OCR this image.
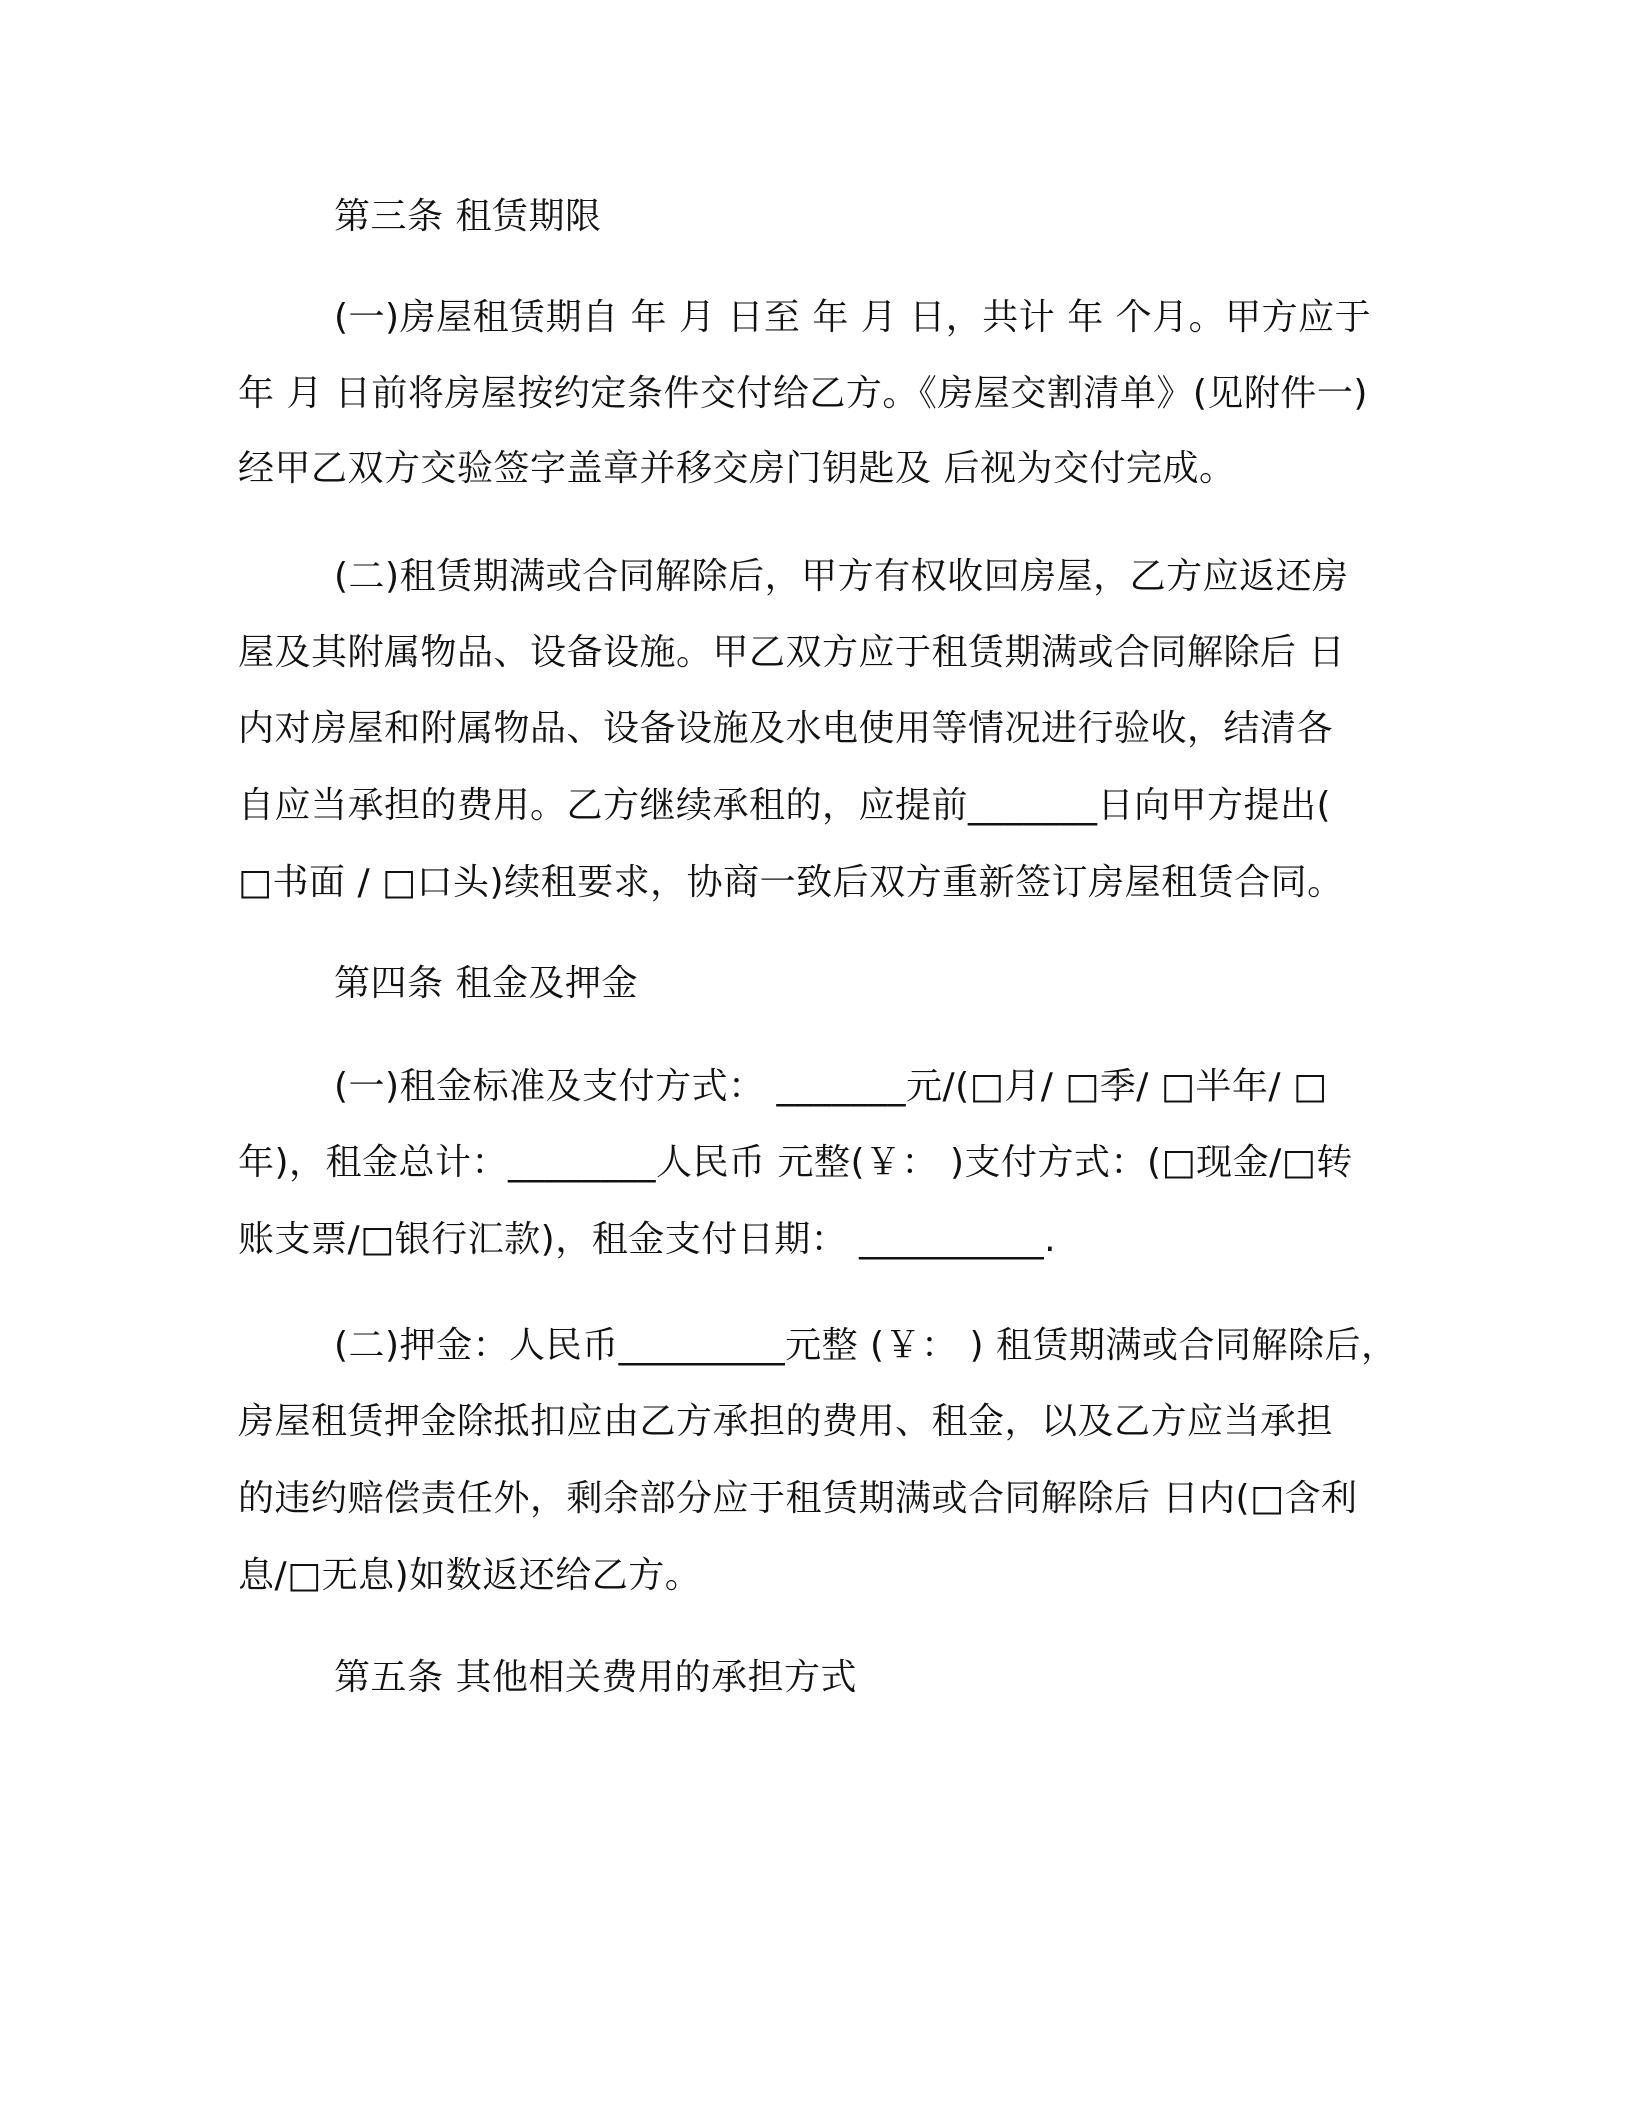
第三条 租赁期限
(一)房屋租赁期自 年 月 日至 年 月 日，共计 年 个月。甲方应于
年 月 日前将房屋按约定条件交付给乙方。《房屋交割清单》(见附件一)
经甲乙双方交验签字盖章并移交房门钥匙及 后视为交付完成。
(二)租赁期满或合同解除后，甲方有权收回房屋，乙方应返还房
屋及其附属物品、设备设施。甲乙双方应于租赁期满或合同解除后 日
内对房屋和附属物品、设备设施及水电使用等情况进行验收，结清各
自应当承担的费用。乙方继续承租的，应提前_______日向甲方提出(
□书面 / □口头)续租要求，协商一致后双方重新签订房屋租赁合同。
第四条 租金及押金
(一)租金标准及支付方式： _______元/(□月/ □季/ □半年/ □
年)，租金总计：________人民币 元整(￥： )支付方式：(□现金/□转
账支票/□银行汇款)，租金支付日期： __________.
(二)押金：人民币_________元整 (￥： ) 租赁期满或合同解除后，
房屋租赁押金除抵扣应由乙方承担的费用、租金，以及乙方应当承担
的违约赔偿责任外，剩余部分应于租赁期满或合同解除后 日内(□含利
息/□无息)如数返还给乙方。
第五条 其他相关费用的承担方式
